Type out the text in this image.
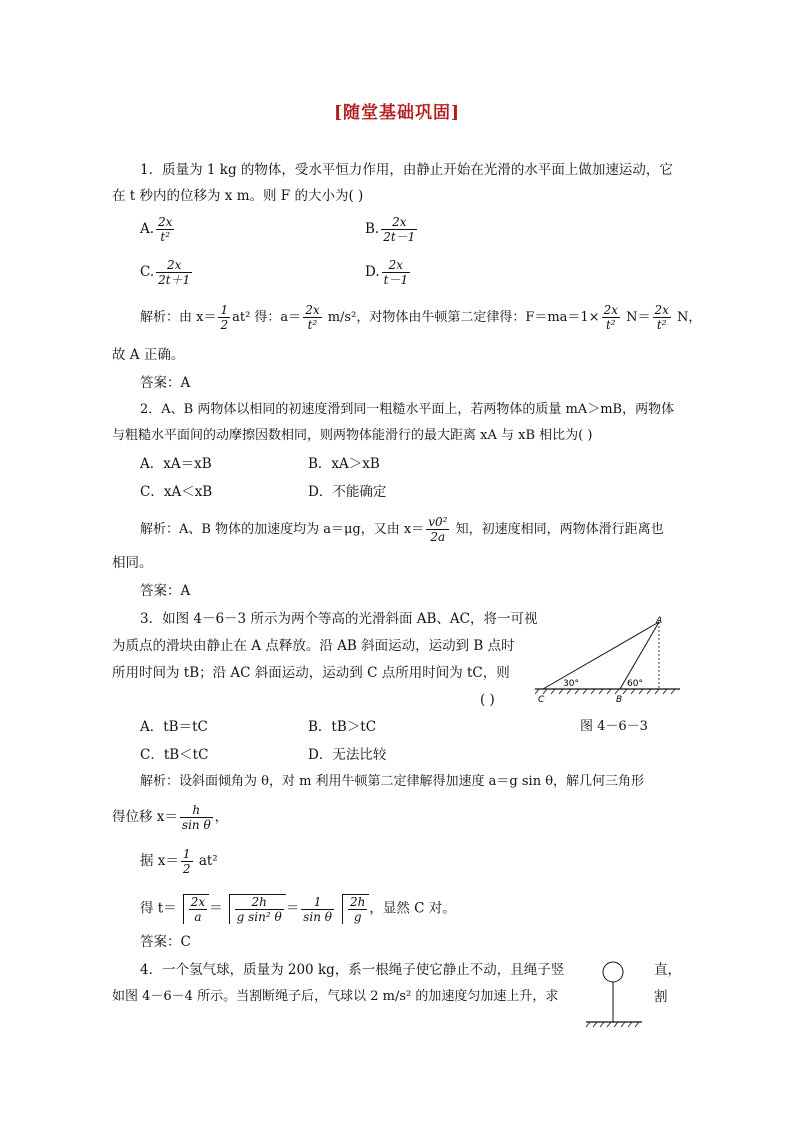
[随堂基础巩固]
1．质量为 1 kg 的物体，受水平恒力作用，由静止开始在光滑的水平面上做加速运动，它
在 t 秒内的位移为 x m。则 F 的大小为( )
A. $\frac{2x}{\text{t²}}$	B. $\frac{2x}{2t-1}$
C. $\frac{2x}{2t+1}$	D. $\frac{2x}{t-1}$
解析：由 $x= \frac{1}{2} at^2$ 得：$a= \frac{2x}{\text{t²}} m/s^2$，对物体由牛顿第二定律得：$F=ma=1\times \frac{2x}{\text{t²}} N= \frac{2x}{\text{t²}}$ N，
故 A 正确。
答案：A
2．A、B 两物体以相同的初速度滑到同一粗糙水平面上，若两物体的质量 mA＞mB，两物体
与粗糙水平面间的动摩擦因数相同，则两物体能滑行的最大距离 xA 与 xB 相比为( )
A．xA＝xB	B．xA＞xB
C．xA＜xB	D．不能确定
解析：A、B 物体的加速度均为 a＝μg，又由 $x= \frac{\text{v0²}}{2a}$ 知，初速度相同，两物体滑行距离也
相同。
答案：A
3．如图 4－6－3 所示为两个等高的光滑斜面 AB、AC，将一可视
为质点的滑块由静止在 A 点释放。沿 AB 斜面运动，运动到 B 点时
所用时间为 tB；沿 AC 斜面运动，运动到 C 点所用时间为 tC，则
( )
A
B
C
30°	60°
图 4－6－3
A．tB＝tC	B．tB＞tC
C．tB＜tC	D．无法比较
解析：设斜面倾角为 θ，对 m 利用牛顿第二定律解得加速度 a＝g sin θ，解几何三角形
得位移 $x= \frac{h}{\text{sin θ}}$ ，
据 $x= \frac{1}{2} at^2$
得 $t= \frac{2x}{a} = \frac{2h}{\text{g sin² θ}} = \frac{1}{\text{sin θ}} \frac{2h}{g}$ ，显然 C 对。
答案：C
4．一个氢气球，质量为 200 kg，系一根绳子使它静止不动，且绳子竖
如图 4－6－4 所示。当割断绳子后，气球以 2 m/s² 的加速度匀加速上升，求
直，
割
